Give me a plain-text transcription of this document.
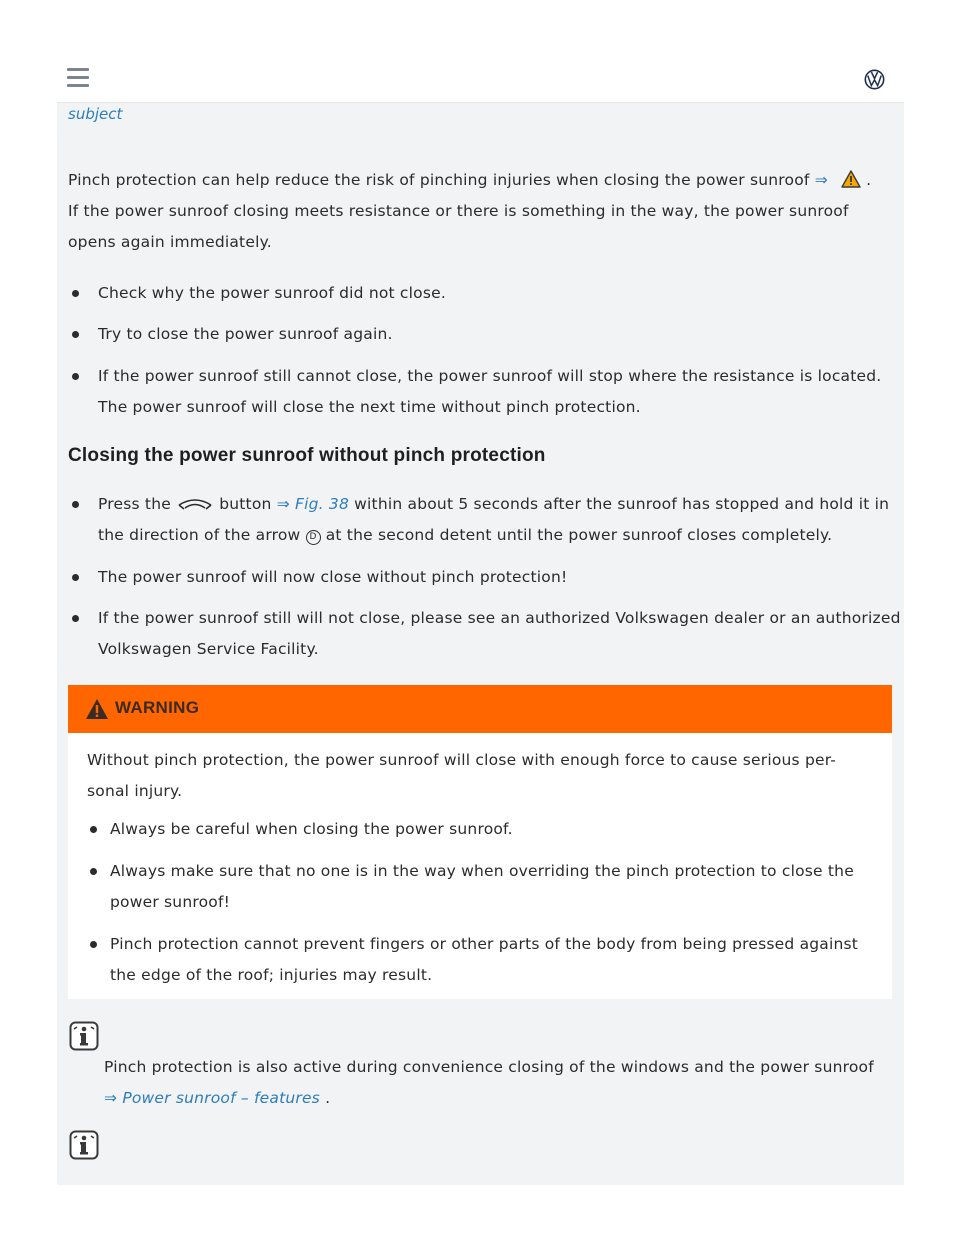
subject
Pinch protection can help reduce the risk of pinching injuries when closing the power sunroof ⇒  .
If the power sunroof closing meets resistance or there is something in the way, the power sunroof opens again immediately.
Check why the power sunroof did not close.
Try to close the power sunroof again.
If the power sunroof still cannot close, the power sunroof will stop where the resistance is located. The power sunroof will close the next time without pinch protection.
Closing the power sunroof without pinch protection
Press the  button ⇒ Fig. 38 within about 5 seconds after the sunroof has stopped and hold it in the direction of the arrow D at the second detent until the power sunroof closes completely.
The power sunroof will now close without pinch protection!
If the power sunroof still will not close, please see an authorized Volkswagen dealer or an authorized Volkswagen Service Facility.
WARNING
Without pinch protection, the power sunroof will close with enough force to cause serious per-sonal injury.
Always be careful when closing the power sunroof.
Always make sure that no one is in the way when overriding the pinch protection to close the power sunroof!
Pinch protection cannot prevent fingers or other parts of the body from being pressed against the edge of the roof; injuries may result.
Pinch protection is also active during convenience closing of the windows and the power sunroof
⇒ Power sunroof – features .
